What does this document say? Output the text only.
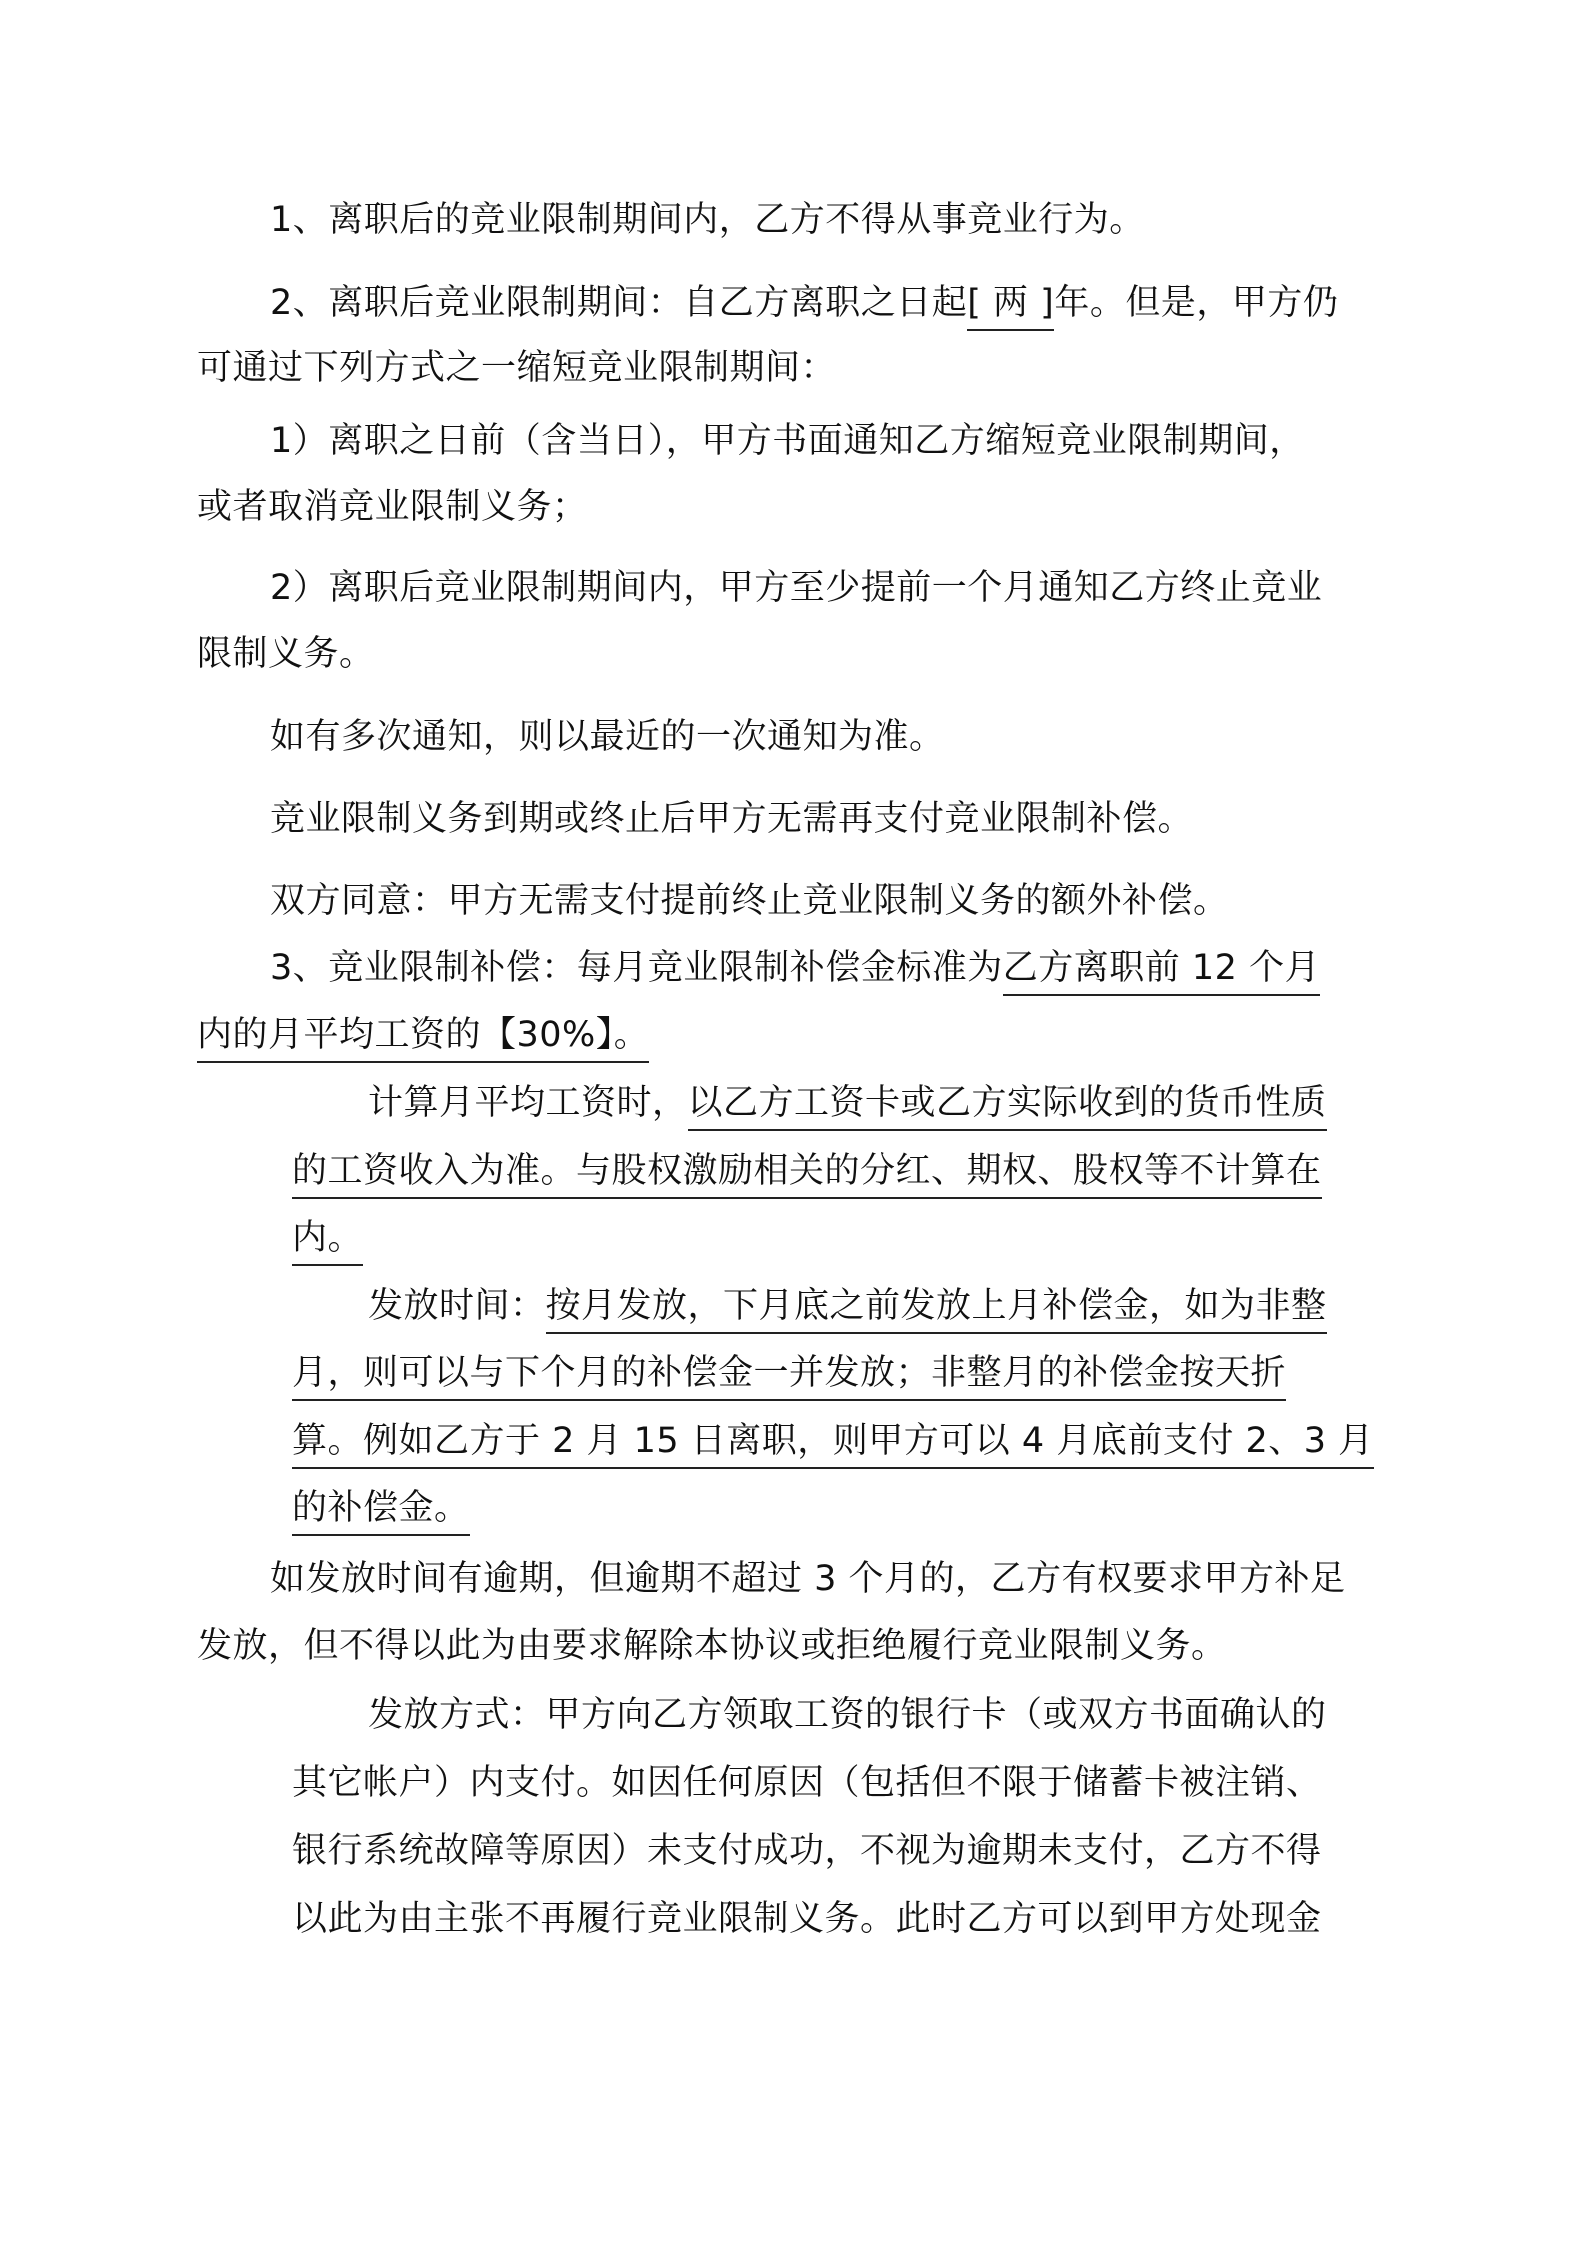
1、离职后的竞业限制期间内，乙方不得从事竞业行为。
2、离职后竞业限制期间：自乙方离职之日起[ 两 ]年。但是，甲方仍
可通过下列方式之一缩短竞业限制期间：
1）离职之日前（含当日），甲方书面通知乙方缩短竞业限制期间，
或者取消竞业限制义务；
2）离职后竞业限制期间内，甲方至少提前一个月通知乙方终止竞业
限制义务。
如有多次通知，则以最近的一次通知为准。
竞业限制义务到期或终止后甲方无需再支付竞业限制补偿。
双方同意：甲方无需支付提前终止竞业限制义务的额外补偿。
3、竞业限制补偿：每月竞业限制补偿金标准为乙方离职前 12 个月
内的月平均工资的【30%】。
计算月平均工资时，以乙方工资卡或乙方实际收到的货币性质
的工资收入为准。与股权激励相关的分红、期权、股权等不计算在
内。
发放时间：按月发放，下月底之前发放上月补偿金，如为非整
月，则可以与下个月的补偿金一并发放；非整月的补偿金按天折
算。例如乙方于 2 月 15 日离职，则甲方可以 4 月底前支付 2、3 月
的补偿金。
如发放时间有逾期，但逾期不超过 3 个月的，乙方有权要求甲方补足
发放，但不得以此为由要求解除本协议或拒绝履行竞业限制义务。
发放方式：甲方向乙方领取工资的银行卡（或双方书面确认的
其它帐户）内支付。如因任何原因（包括但不限于储蓄卡被注销、
银行系统故障等原因）未支付成功，不视为逾期未支付，乙方不得
以此为由主张不再履行竞业限制义务。此时乙方可以到甲方处现金
